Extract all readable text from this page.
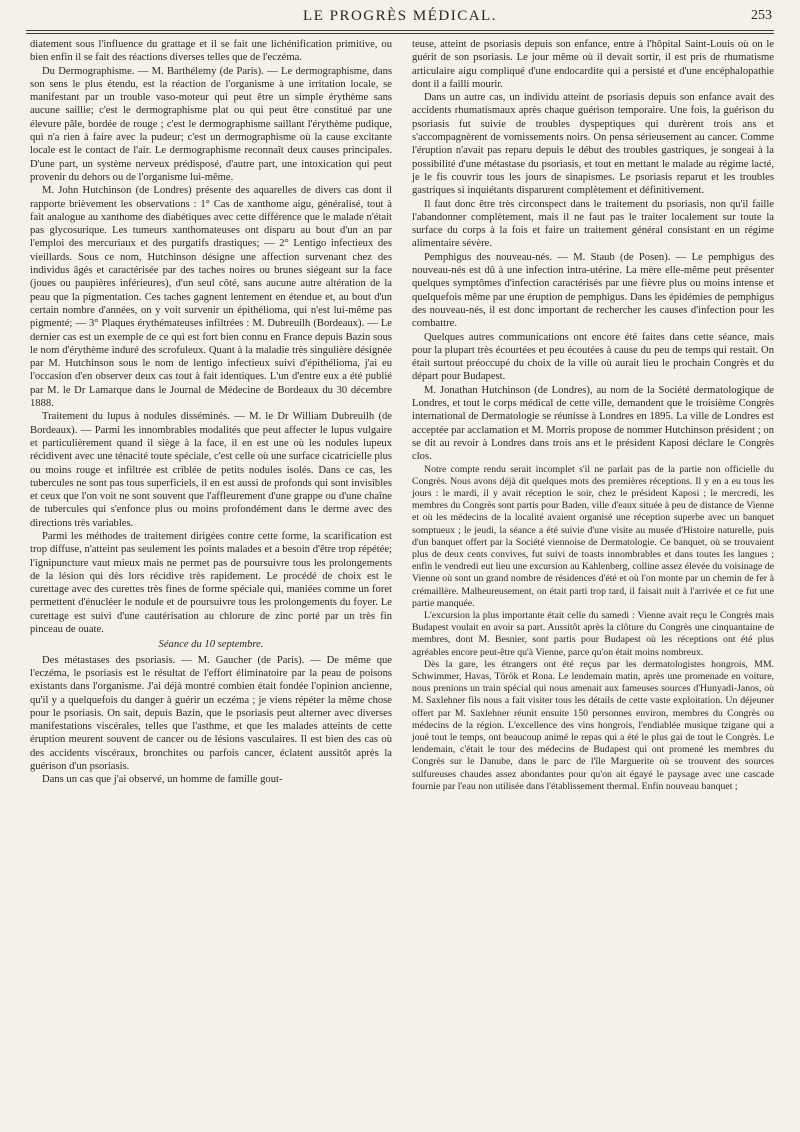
LE PROGRÈS MÉDICAL.	253

diatement sous l'influence du grattage et il se fait une lichénification primitive, ou bien enfin il se fait des réactions diverses telles que de l'eczéma.

Du Dermographisme. — M. Barthélemy (de Paris). — Le dermographisme, dans son sens le plus étendu, est la réaction de l'organisme à une irritation locale, se manifestant par un trouble vaso-moteur qui peut être un simple érythème sans aucune saillie; c'est le dermographisme plat ou qui peut être constitué par une élevure pâle, bordée de rouge ; c'est le dermographisme saillant l'érythème pudique, qui n'a rien à faire avec la pudeur; c'est un dermographisme où la cause excitante locale est le contact de l'air. Le dermographisme reconnaît deux causes principales. D'une part, un système nerveux prédisposé, d'autre part, une intoxication qui peut provenir du dehors ou de l'organisme lui-même.

M. John Hutchinson (de Londres) présente des aquarelles de divers cas dont il rapporte brièvement les observations : 1° Cas de xanthome aigu, généralisé, tout à fait analogue au xanthome des diabétiques avec cette différence que le malade n'était pas glycosurique. Les tumeurs xanthomateuses ont disparu au bout d'un an par l'emploi des mercuriaux et des purgatifs drastiques; — 2° Lentigo infectieux des vieillards. Sous ce nom, Hutchinson désigne une affection survenant chez des individus âgés et caractérisée par des taches noires ou brunes siégeant sur la face (joues ou paupières inférieures), d'un seul côté, sans aucune autre altération de la peau que la pigmentation. Ces taches gagnent lentement en étendue et, au bout d'un certain nombre d'années, on y voit survenir un épithélioma, qui n'est lui-même pas pigmenté; — 3° Plaques érythémateuses infiltrées : M. Dubreuilh (Bordeaux). — Le dernier cas est un exemple de ce qui est fort bien connu en France depuis Bazin sous le nom d'érythème induré des scrofuleux. Quant à la maladie très singulière désignée par M. Hutchinson sous le nom de lentigo infectieux suivi d'épithélioma, j'ai eu l'occasion d'en observer deux cas tout à fait identiques. L'un d'entre eux a été publié par M. le Dr Lamarque dans le Journal de Médecine de Bordeaux du 30 décembre 1888.

Traitement du lupus à nodules disséminés. — M. le Dr William Dubreuilh (de Bordeaux). — Parmi les innombrables modalités que peut affecter le lupus vulgaire et particulièrement quand il siège à la face, il en est une où les nodules lupeux récidivent avec une ténacité toute spéciale, c'est celle où une surface cicatricielle plus ou moins rouge et infiltrée est criblée de petits nodules isolés. Dans ce cas, les tubercules ne sont pas tous superficiels, il en est aussi de profonds qui sont invisibles et ceux que l'on voit ne sont souvent que l'affleurement d'une grappe ou d'une chaîne de tubercules qui s'enfonce plus ou moins profondément dans le derme avec des directions très variables.

Parmi les méthodes de traitement dirigées contre cette forme, la scarification est trop diffuse, n'atteint pas seulement les points malades et a besoin d'être trop répétée; l'ignipuncture vaut mieux mais ne permet pas de poursuivre tous les prolongements de la lésion qui dès lors récidive très rapidement. Le procédé de choix est le curettage avec des curettes très fines de forme spéciale qui, maniées comme un foret permettent d'énucléer le nodule et de poursuivre tous les prolongements du foyer. Le curettage est suivi d'une cautérisation au chlorure de zinc porté par un très fin pinceau de ouate.

Séance du 10 septembre.

Des métastases des psoriasis. — M. Gaucher (de Paris). — De même que l'eczéma, le psoriasis est le résultat de l'effort éliminatoire par la peau de poisons existants dans l'organisme. J'ai déjà montré combien était fondée l'opinion ancienne, qu'il y a quelquefois du danger à guérir un eczéma ; je viens répéter la même chose pour le psoriasis. On sait, depuis Bazin, que le psoriasis peut alterner avec diverses manifestations viscérales, telles que l'asthme, et que les malades atteints de cette éruption meurent souvent de cancer ou de lésions vasculaires. Il est bien des cas où des accidents viscéraux, bronchites ou parfois cancer, éclatent aussitôt après la guérison d'un psoriasis.

Dans un cas que j'ai observé, un homme de famille gout-

teuse, atteint de psoriasis depuis son enfance, entre à l'hôpital Saint-Louis où on le guérit de son psoriasis. Le jour même où il devait sortir, il est pris de rhumatisme articulaire aigu compliqué d'une endocardite qui a persisté et d'une encéphalopathie dont il a failli mourir.

Dans un autre cas, un individu atteint de psoriasis depuis son enfance avait des accidents rhumatismaux après chaque guérison temporaire. Une fois, la guérison du psoriasis fut suivie de troubles dyspeptiques qui durèrent trois ans et s'accompagnèrent de vomissements noirs. On pensa sérieusement au cancer. Comme l'éruption n'avait pas reparu depuis le début des troubles gastriques, je songeai à la possibilité d'une métastase du psoriasis, et tout en mettant le malade au régime lacté, je le fis couvrir tous les jours de sinapismes. Le psoriasis reparut et les troubles gastriques si inquiétants disparurent complètement et définitivement.

Il faut donc être très circonspect dans le traitement du psoriasis, non qu'il faille l'abandonner complètement, mais il ne faut pas le traiter localement sur toute la surface du corps à la fois et faire un traitement général consistant en un régime alimentaire sévère.

Pemphigus des nouveau-nés. — M. Staub (de Posen). — Le pemphigus des nouveau-nés est dû à une infection intra-utérine. La mère elle-même peut présenter quelques symptômes d'infection caractérisés par une fièvre plus ou moins intense et quelquefois même par une éruption de pemphigus. Dans les épidémies de pemphigus des nouveau-nés, il est donc important de rechercher les causes d'infection pour les combattre.

Quelques autres communications ont encore été faites dans cette séance, mais pour la plupart très écourtées et peu écoutées à cause du peu de temps qui restait. On était surtout préoccupé du choix de la ville où aurait lieu le prochain Congrès et du départ pour Budapest.

M. Jonathan Hutchinson (de Londres), au nom de la Société dermatologique de Londres, et tout le corps médical de cette ville, demandent que le troisième Congrès international de Dermatologie se réunisse à Londres en 1895. La ville de Londres est acceptée par acclamation et M. Morris propose de nommer Hutchinson président ; on se dit au revoir à Londres dans trois ans et le président Kaposi déclare le Congrès clos.

Notre compte rendu serait incomplet s'il ne parlait pas de la partie non officielle du Congrès. Nous avons déjà dit quelques mots des premières réceptions. Il y en a eu tous les jours : le mardi, il y avait réception le soir, chez le président Kaposi ; le mercredi, les membres du Congrès sont partis pour Baden, ville d'eaux située à peu de distance de Vienne et où les médecins de la localité avaient organisé une réception superbe avec un banquet somptueux ; le jeudi, la séance a été suivie d'une visite au musée d'Histoire naturelle, puis d'un banquet offert par la Société viennoise de Dermatologie. Ce banquet, où se trouvaient plus de deux cents convives, fut suivi de toasts innombrables et dans toutes les langues ; enfin le vendredi eut lieu une excursion au Kahlenberg, colline assez élevée du voisinage de Vienne où sont un grand nombre de résidences d'été et où l'on monte par un chemin de fer à crémaillère. Malheureusement, on était parti trop tard, il faisait nuit à l'arrivée et ce fut une partie manquée.

L'excursion la plus importante était celle du samedi : Vienne avait reçu le Congrès mais Budapest voulait en avoir sa part. Aussitôt après la clôture du Congrès une cinquantaine de membres, dont M. Besnier, sont partis pour Budapest où les réceptions ont été plus agréables encore peut-être qu'à Vienne, parce qu'on était moins nombreux.

Dès la gare, les étrangers ont été reçus par les dermatologistes hongrois, MM. Schwimmer, Havas, Török et Rona. Le lendemain matin, après une promenade en voiture, nous prenions un train spécial qui nous amenait aux fameuses sources d'Hunyadi-Janos, où M. Saxlehner fils nous a fait visiter tous les détails de cette vaste exploitation. Un déjeuner offert par M. Saxlehner réunit ensuite 150 personnes environ, membres du Congrès ou médecins de la région. L'excellence des vins hongrois, l'endiablée musique tzigane qui a joué tout le temps, ont beaucoup animé le repas qui a été le plus gai de tout le Congrès. Le lendemain, c'était le tour des médecins de Budapest qui ont promené les membres du Congrès sur le Danube, dans le parc de l'île Marguerite où se trouvent des sources sulfureuses chaudes assez abondantes pour qu'on ait égayé le paysage avec une cascade fournie par l'eau non utilisée dans l'établissement thermal. Enfin nouveau banquet ;
